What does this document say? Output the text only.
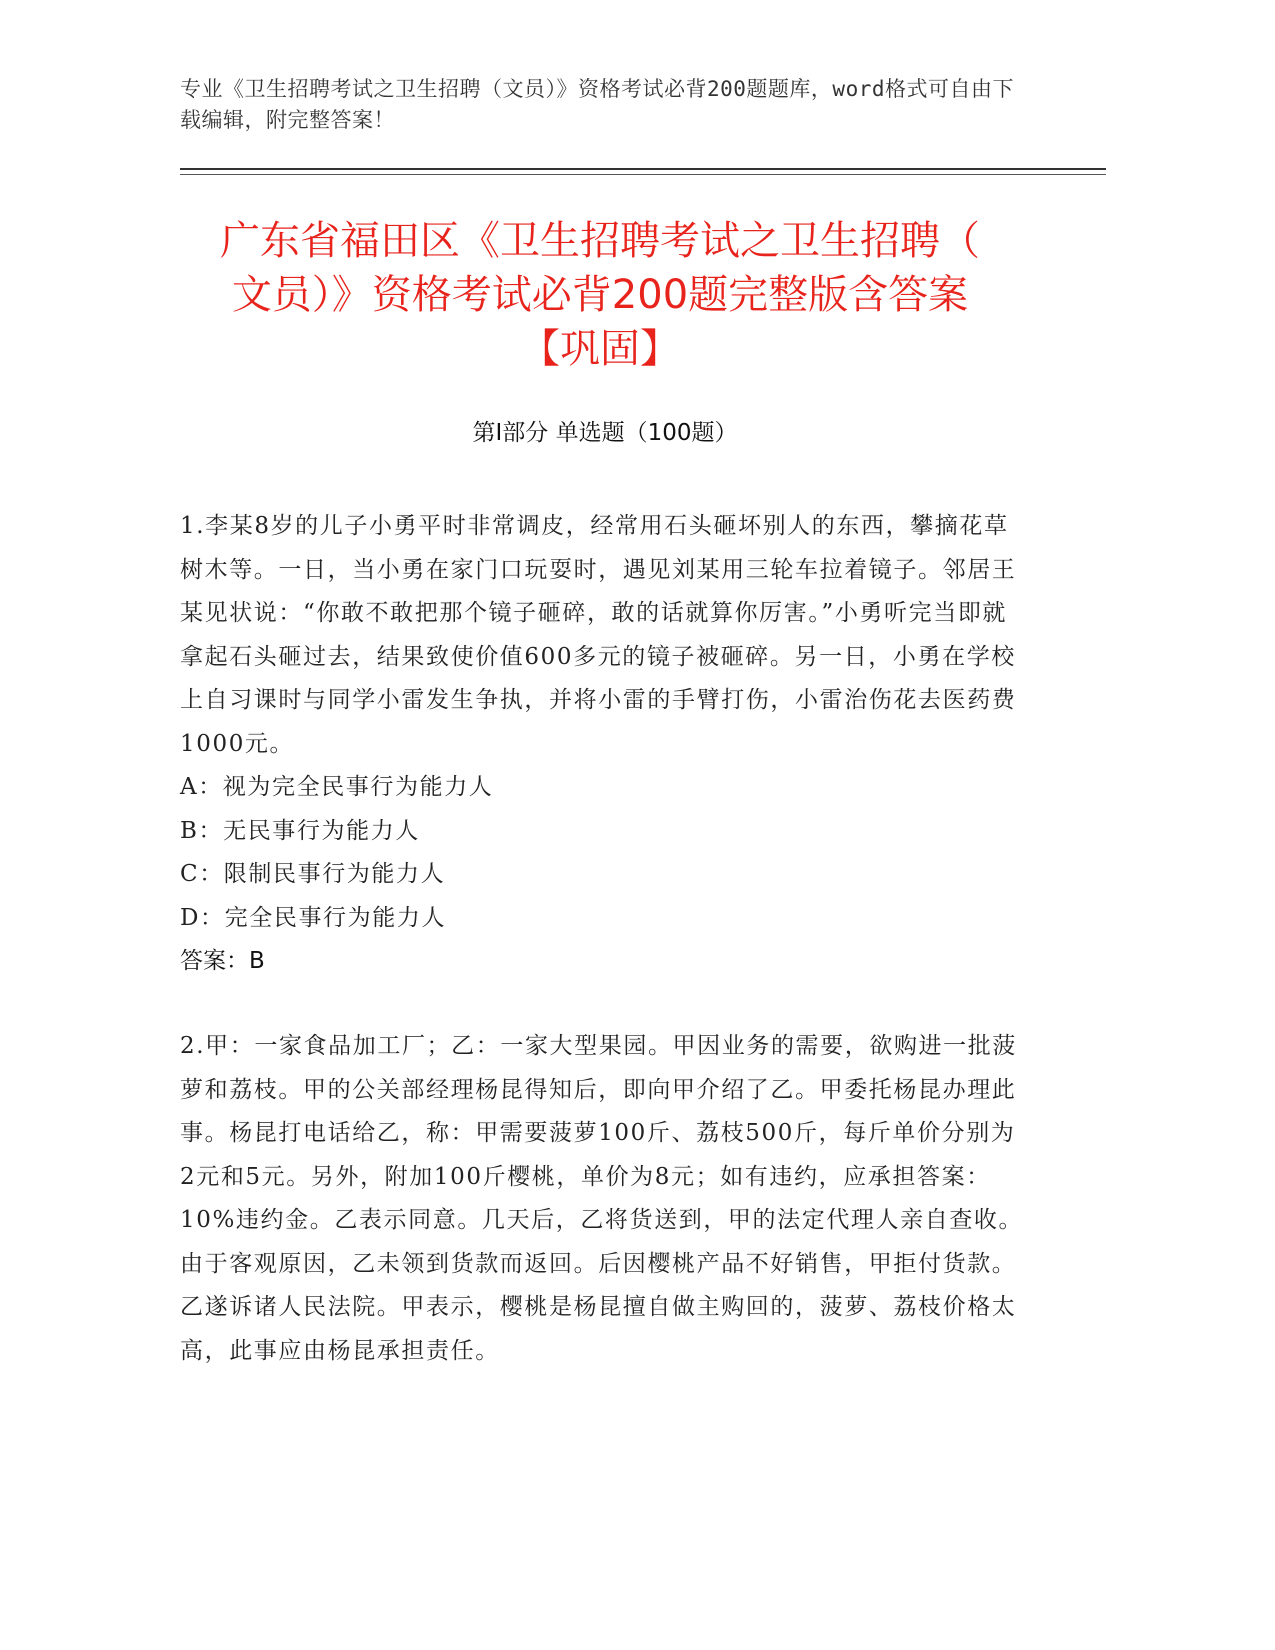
专业《卫生招聘考试之卫生招聘（文员）》资格考试必背200题题库，word格式可自由下载编辑，附完整答案！
广东省福田区《卫生招聘考试之卫生招聘（
文员）》资格考试必背200题完整版含答案
【巩固】
第I部分 单选题（100题）

1.李某8岁的儿子小勇平时非常调皮，经常用石头砸坏别人的东西，攀摘花草树木等。一日，当小勇在家门口玩耍时，遇见刘某用三轮车拉着镜子。邻居王某见状说：“你敢不敢把那个镜子砸碎，敢的话就算你厉害。”小勇听完当即就拿起石头砸过去，结果致使价值600多元的镜子被砸碎。另一日，小勇在学校上自习课时与同学小雷发生争执，并将小雷的手臂打伤，小雷治伤花去医药费1000元。

A：视为完全民事行为能力人

B：无民事行为能力人

C：限制民事行为能力人

D：完全民事行为能力人

答案：B

2.甲：一家食品加工厂；乙：一家大型果园。甲因业务的需要，欲购进一批菠萝和荔枝。甲的公关部经理杨昆得知后，即向甲介绍了乙。甲委托杨昆办理此事。杨昆打电话给乙，称：甲需要菠萝100斤、荔枝500斤，每斤单价分别为2元和5元。另外，附加100斤樱桃，单价为8元；如有违约，应承担答案：10%违约金。乙表示同意。几天后，乙将货送到，甲的法定代理人亲自查收。由于客观原因，乙未领到货款而返回。后因樱桃产品不好销售，甲拒付货款。乙遂诉诸人民法院。甲表示，樱桃是杨昆擅自做主购回的，菠萝、荔枝价格太高，此事应由杨昆承担责任。
